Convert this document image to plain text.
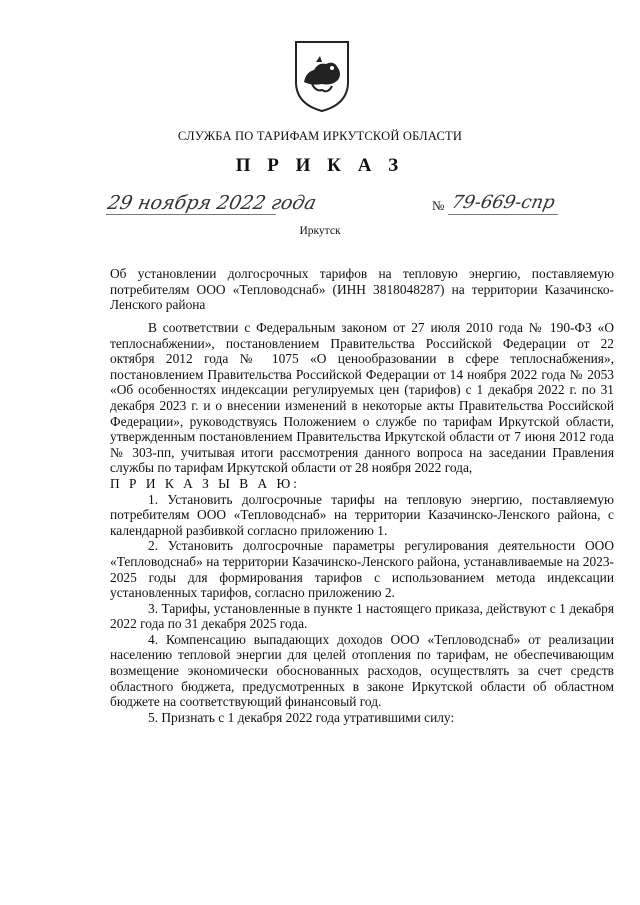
СЛУЖБА ПО ТАРИФАМ ИРКУТСКОЙ ОБЛАСТИ
П Р И К А З
29 ноября 2022 года	№ 79-669-спр
Иркутск
Об установлении долгосрочных тарифов на тепловую энергию, поставляемую потребителям ООО «Тепловодснаб» (ИНН 3818048287) на территории Казачинско-Ленского района

В соответствии с Федеральным законом от 27 июля 2010 года № 190-ФЗ «О теплоснабжении», постановлением Правительства Российской Федерации от 22 октября 2012 года № 1075 «О ценообразовании в сфере теплоснабжения», постановлением Правительства Российской Федерации от 14 ноября 2022 года № 2053 «Об особенностях индексации регулируемых цен (тарифов) с 1 декабря 2022 г. по 31 декабря 2023 г. и о внесении изменений в некоторые акты Правительства Российской Федерации», руководствуясь Положением о службе по тарифам Иркутской области, утвержденным постановлением Правительства Иркутской области от 7 июня 2012 года № 303-пп, учитывая итоги рассмотрения данного вопроса на заседании Правления службы по тарифам Иркутской области от 28 ноября 2022 года,

П Р И К А З Ы В А Ю:

1. Установить долгосрочные тарифы на тепловую энергию, поставляемую потребителям ООО «Тепловодснаб» на территории Казачинско-Ленского района, с календарной разбивкой согласно приложению 1.

2. Установить долгосрочные параметры регулирования деятельности ООО «Тепловодснаб» на территории Казачинско-Ленского района, устанавливаемые на 2023-2025 годы для формирования тарифов с использованием метода индексации установленных тарифов, согласно приложению 2.

3. Тарифы, установленные в пункте 1 настоящего приказа, действуют с 1 декабря 2022 года по 31 декабря 2025 года.

4. Компенсацию выпадающих доходов ООО «Тепловодснаб» от реализации населению тепловой энергии для целей отопления по тарифам, не обеспечивающим возмещение экономически обоснованных расходов, осуществлять за счет средств областного бюджета, предусмотренных в законе Иркутской области об областном бюджете на соответствующий финансовый год.

5. Признать с 1 декабря 2022 года утратившими силу:
